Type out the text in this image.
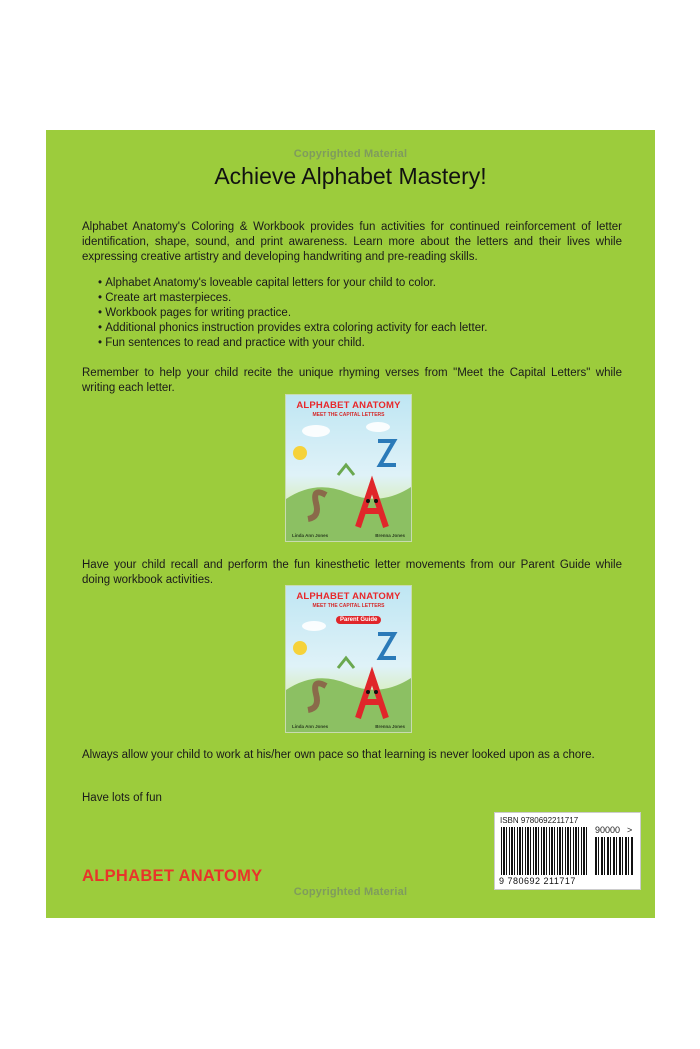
Copyrighted Material
Achieve Alphabet Mastery!

Alphabet Anatomy's Coloring & Workbook provides fun activities for continued reinforcement of letter identification, shape, sound, and print awareness. Learn more about the letters and their lives while expressing creative artistry and developing handwriting and pre-reading skills.

• Alphabet Anatomy's loveable capital letters for your child to color.
• Create art masterpieces.
• Workbook pages for writing practice.
• Additional phonics instruction provides extra coloring activity for each letter.
• Fun sentences to read and practice with your child.

Remember to help your child recite the unique rhyming verses from "Meet the Capital Letters" while writing each letter.

ALPHABET ANATOMY
MEET THE CAPITAL LETTERS
Linda Ann Jones	Brenna Jones

Have your child recall and perform the fun kinesthetic letter movements from our Parent Guide while doing workbook activities.

ALPHABET ANATOMY
MEET THE CAPITAL LETTERS
Parent Guide
Linda Ann Jones	Brenna Jones

Always allow your child to work at his/her own pace so that learning is never looked upon as a chore.

Have lots of fun

ALPHABET ANATOMY
Copyrighted Material
ISBN 9780692211717
90000 >
9 780692 211717
